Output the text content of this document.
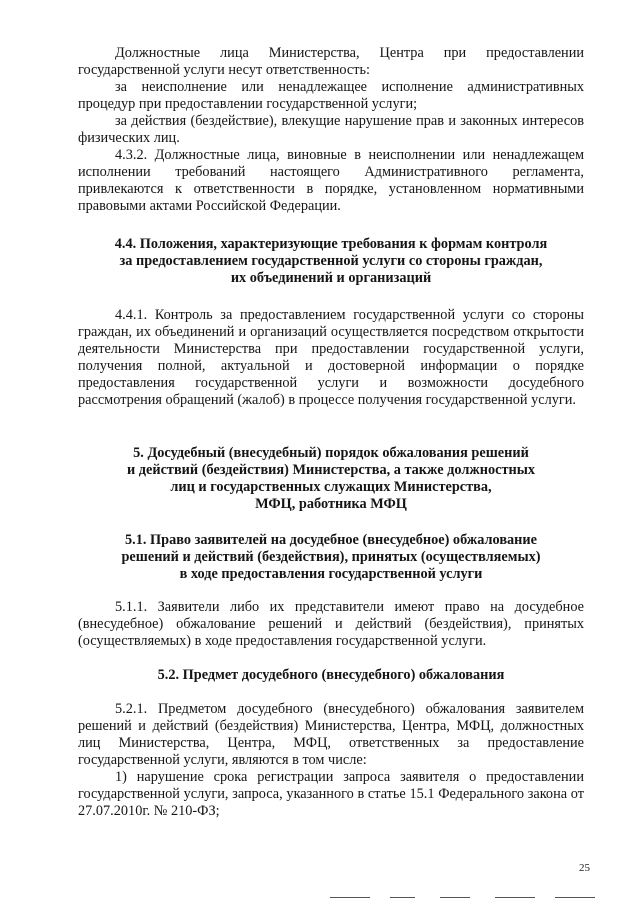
Должностные лица Министерства, Центра при предоставлении государственной услуги несут ответственность:

за неисполнение или ненадлежащее исполнение административных процедур при предоставлении государственной услуги;

за действия (бездействие), влекущие нарушение прав и законных интересов физических лиц.

4.3.2. Должностные лица, виновные в неисполнении или ненадлежащем исполнении требований настоящего Административного регламента, привлекаются к ответственности в порядке, установленном нормативными правовыми актами Российской Федерации.

4.4. Положения, характеризующие требования к формам контроля

за предоставлением государственной услуги со стороны граждан,

их объединений и организаций

4.4.1. Контроль за предоставлением государственной услуги со стороны граждан, их объединений и организаций осуществляется посредством открытости деятельности Министерства при предоставлении государственной услуги, получения полной, актуальной и достоверной информации о порядке предоставления государственной услуги и возможности досудебного рассмотрения обращений (жалоб) в процессе получения государственной услуги.

5. Досудебный (внесудебный) порядок обжалования решений

и действий (бездействия) Министерства, а также должностных

лиц и государственных служащих Министерства,

МФЦ, работника МФЦ

5.1. Право заявителей на досудебное (внесудебное) обжалование

решений и действий (бездействия), принятых (осуществляемых)

в ходе предоставления государственной услуги

5.1.1. Заявители либо их представители имеют право на досудебное (внесудебное) обжалование решений и действий (бездействия), принятых (осуществляемых) в ходе предоставления государственной услуги.

5.2. Предмет досудебного (внесудебного) обжалования

5.2.1. Предметом досудебного (внесудебного) обжалования заявителем решений и действий (бездействия) Министерства, Центра, МФЦ, должностных лиц Министерства, Центра, МФЦ, ответственных за предоставление государственной услуги, являются в том числе:

1) нарушение срока регистрации запроса заявителя о предоставлении государственной услуги, запроса, указанного в статье 15.1 Федерального закона от 27.07.2010г. № 210-ФЗ;

25
